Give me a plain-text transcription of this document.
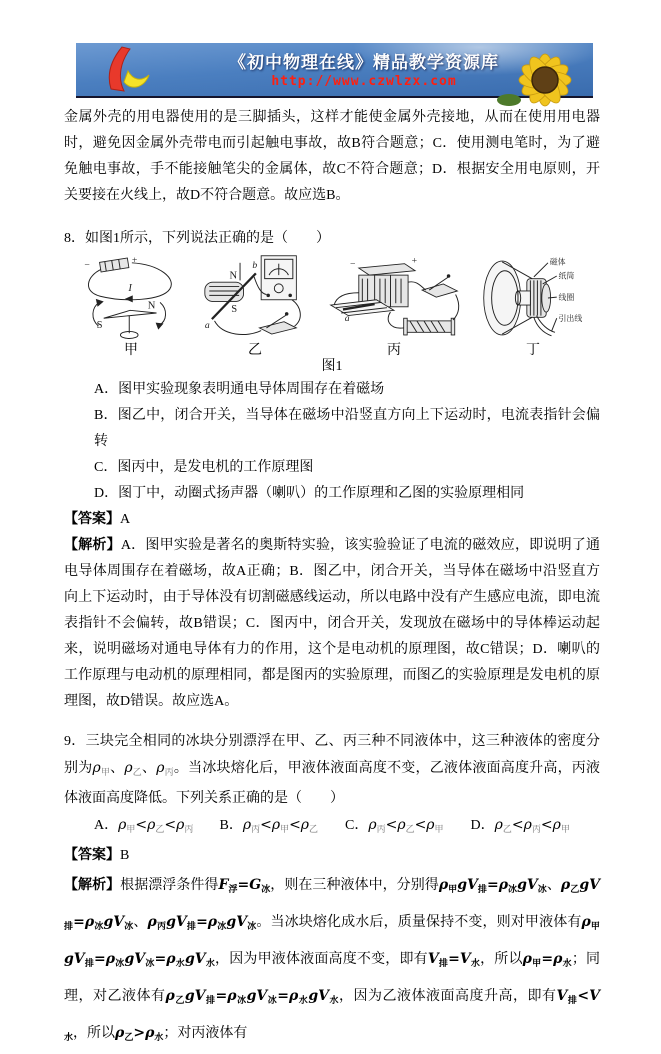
《初中物理在线》精品教学资源库
http://www.czwlzx.com

金属外壳的用电器使用的是三脚插头，这样才能使金属外壳接地，从而在使用用电器时，避免因金属外壳带电而引起触电事故，故B符合题意；C．使用测电笔时，为了避免触电事故，手不能接触笔尖的金属体，故C不符合题意；D．根据安全用电原则，开关要接在火线上，故D不符合题意。故应选B。

8．如图1所示，下列说法正确的是（　　）

−	+
I
S
N
甲
N
b
a
S
乙
−	+
a
丙
磁体
纸筒
线圈
引出线
丁
图1

A．图甲实验现象表明通电导体周围存在着磁场

B．图乙中，闭合开关，当导体在磁场中沿竖直方向上下运动时，电流表指针会偏转

C．图丙中，是发电机的工作原理图

D．图丁中，动圈式扬声器（喇叭）的工作原理和乙图的实验原理相同

【答案】A

【解析】A．图甲实验是著名的奥斯特实验，该实验验证了电流的磁效应，即说明了通电导体周围存在着磁场，故A正确；B．图乙中，闭合开关，当导体在磁场中沿竖直方向上下运动时，由于导体没有切割磁感线运动，所以电路中没有产生感应电流，即电流表指针不会偏转，故B错误；C．图丙中，闭合开关，发现放在磁场中的导体棒运动起来，说明磁场对通电导体有力的作用，这个是电动机的原理图，故C错误；D．喇叭的工作原理与电动机的原理相同，都是图丙的实验原理，而图乙的实验原理是发电机的原理图，故D错误。故应选A。

9．三块完全相同的冰块分别漂浮在甲、乙、丙三种不同液体中，这三种液体的密度分别为$\rho_甲$、$\rho_乙$、$\rho_丙$。当冰块熔化后，甲液体液面高度不变，乙液体液面高度升高，丙液体液面高度降低。下列关系正确的是（　　）

A．$\rho_甲<\rho_乙<\rho_丙$ B．$\rho_丙<\rho_甲<\rho_乙$ C．$\rho_丙<\rho_乙<\rho_甲$ D．$\rho_乙<\rho_丙<\rho_甲$

【答案】B

【解析】根据漂浮条件得$F_浮=G_冰$，则在三种液体中，分别得$\rho_甲gV_排=\rho_冰gV_冰$、$\rho_乙gV_排=\rho_冰gV_冰$、$\rho_丙gV_排=\rho_冰gV_冰$。当冰块熔化成水后，质量保持不变，则对甲液体有$\rho_甲gV_排=\rho_冰gV_冰=\rho_水gV_水$，因为甲液体液面高度不变，即有$V_排=V_水$，所以$\rho_甲=\rho_水$；同理，对乙液体有$\rho_乙gV_排=\rho_冰gV_冰=\rho_水gV_水$，因为乙液体液面高度升高，即有$V_排<V_水$，所以$\rho_乙>\rho_水$；对丙液体有
